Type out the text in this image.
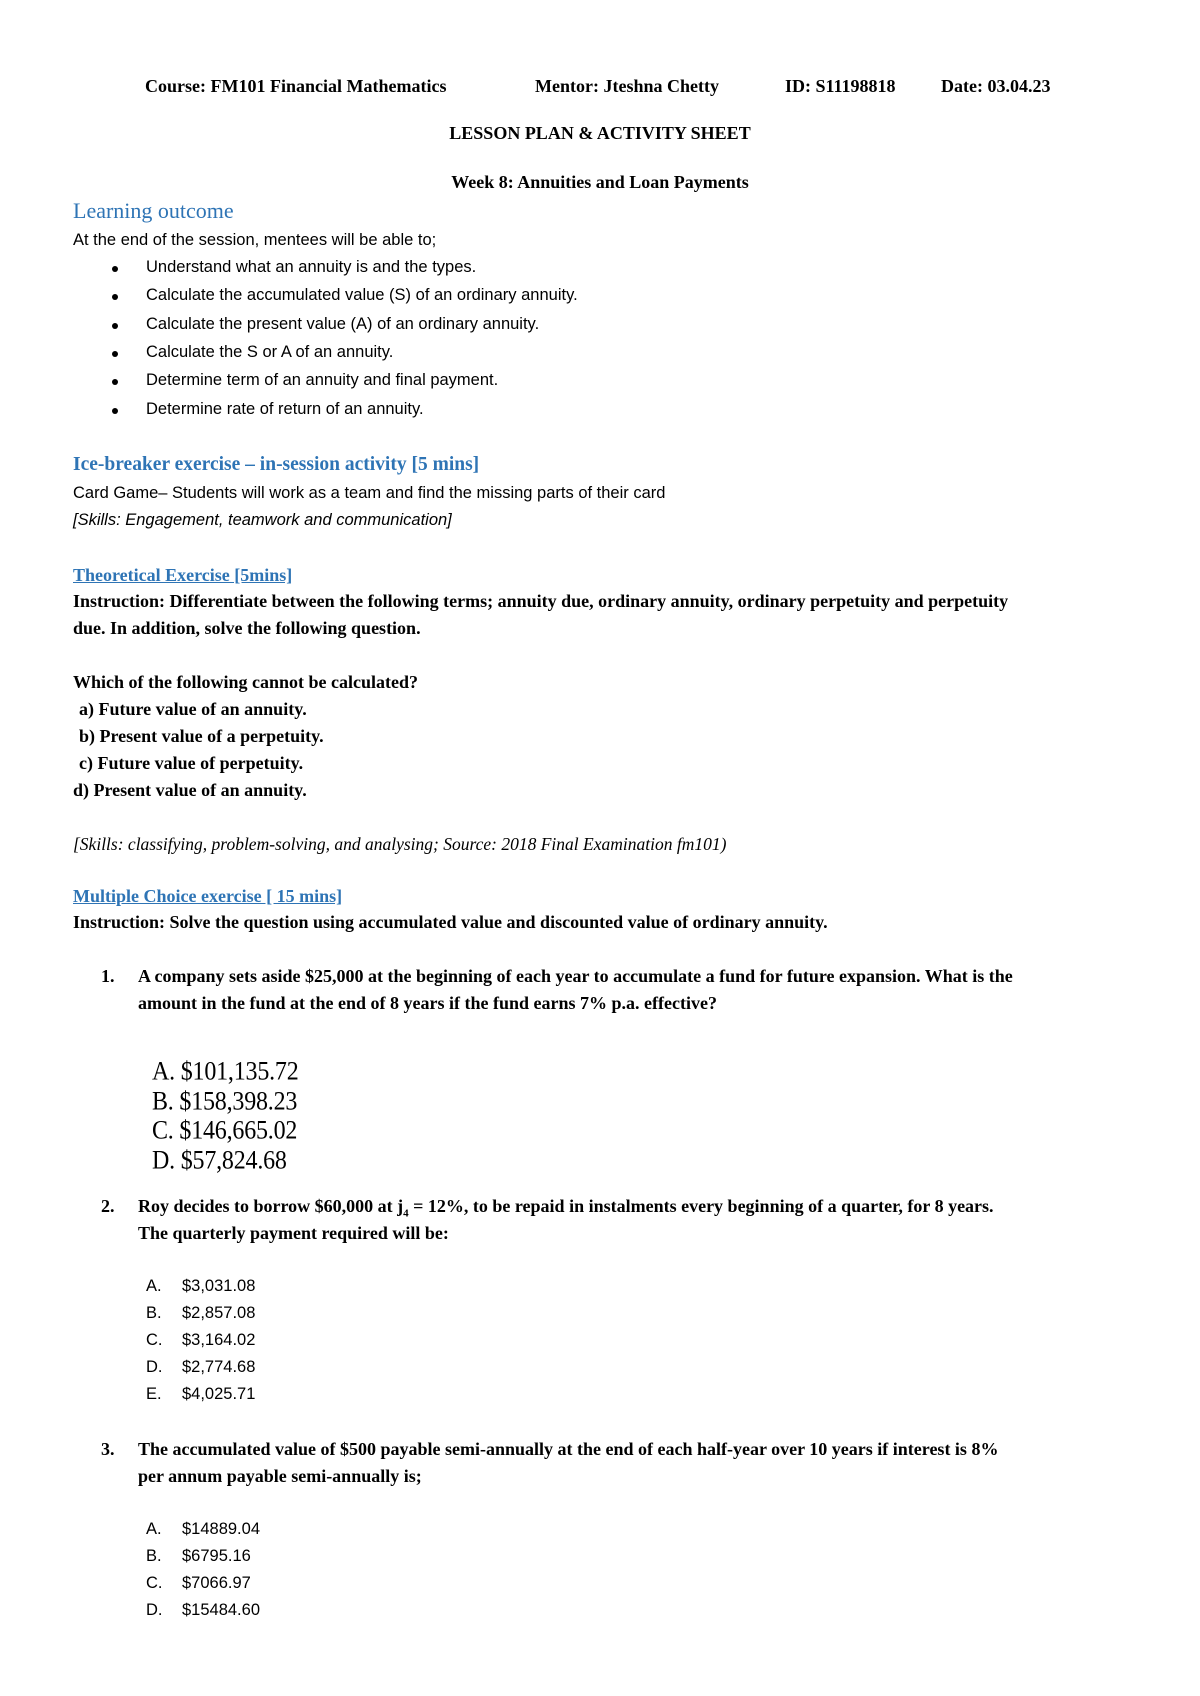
Course: FM101 Financial Mathematics	Mentor: Jteshna Chetty	ID: S11198818	Date: 03.04.23
LESSON PLAN & ACTIVITY SHEET
Week 8: Annuities and Loan Payments
Learning outcome
At the end of the session, mentees will be able to;
Understand what an annuity is and the types.
Calculate the accumulated value (S) of an ordinary annuity.
Calculate the present value (A) of an ordinary annuity.
Calculate the S or A of an annuity.
Determine term of an annuity and final payment.
Determine rate of return of an annuity.
Ice-breaker exercise – in-session activity [5 mins]
Card Game– Students will work as a team and find the missing parts of their card
[Skills: Engagement, teamwork and communication]
Theoretical Exercise [5mins]
Instruction: Differentiate between the following terms; annuity due, ordinary annuity, ordinary perpetuity and perpetuity
due. In addition, solve the following question.
Which of the following cannot be calculated?
a) Future value of an annuity.
b) Present value of a perpetuity.
c) Future value of perpetuity.
d) Present value of an annuity.
[Skills: classifying, problem-solving, and analysing; Source: 2018 Final Examination fm101)
Multiple Choice exercise [ 15 mins]
Instruction: Solve the question using accumulated value and discounted value of ordinary annuity.
1. A company sets aside $25,000 at the beginning of each year to accumulate a fund for future expansion. What is the
amount in the fund at the end of 8 years if the fund earns 7% p.a. effective?
A. $101,135.72
B. $158,398.23
C. $146,665.02
D. $57,824.68
2. Roy decides to borrow $60,000 at $j_4 = 12\%$, to be repaid in instalments every beginning of a quarter, for 8 years.
The quarterly payment required will be:
A. $3,031.08
B. $2,857.08
C. $3,164.02
D. $2,774.68
E. $4,025.71
3. The accumulated value of $500 payable semi-annually at the end of each half-year over 10 years if interest is 8%
per annum payable semi-annually is;
A. $14889.04
B. $6795.16
C. $7066.97
D. $15484.60
